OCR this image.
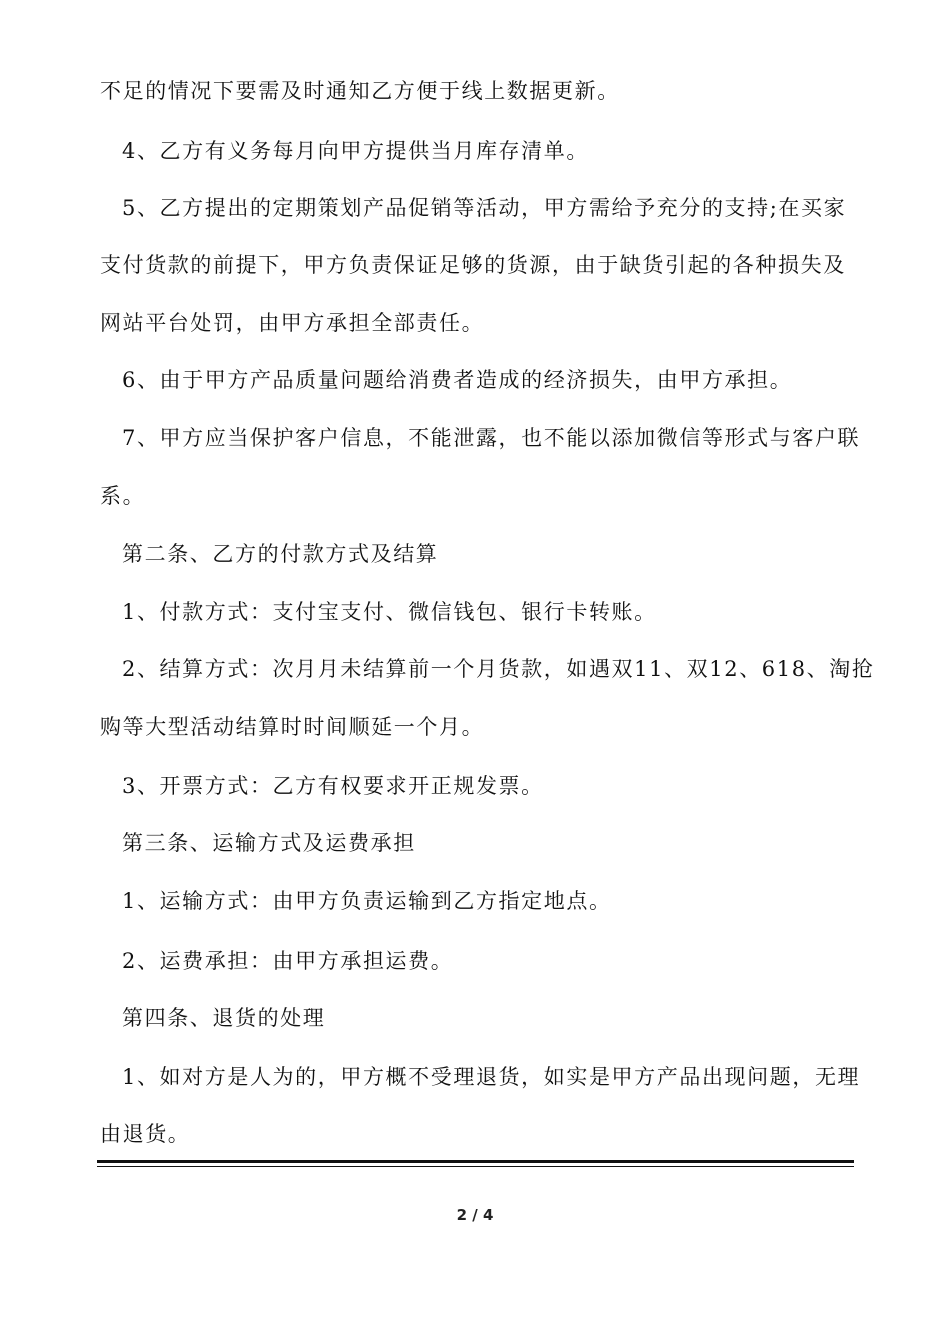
不足的情况下要需及时通知乙方便于线上数据更新。
4、乙方有义务每月向甲方提供当月库存清单。
5、乙方提出的定期策划产品促销等活动，甲方需给予充分的支持;在买家
支付货款的前提下，甲方负责保证足够的货源，由于缺货引起的各种损失及
网站平台处罚，由甲方承担全部责任。
6、由于甲方产品质量问题给消费者造成的经济损失，由甲方承担。
7、甲方应当保护客户信息，不能泄露，也不能以添加微信等形式与客户联
系。
第二条、乙方的付款方式及结算
1、付款方式：支付宝支付、微信钱包、银行卡转账。
2、结算方式：次月月未结算前一个月货款，如遇双11、双12、618、淘抢
购等大型活动结算时时间顺延一个月。
3、开票方式：乙方有权要求开正规发票。
第三条、运输方式及运费承担
1、运输方式：由甲方负责运输到乙方指定地点。
2、运费承担：由甲方承担运费。
第四条、退货的处理
1、如对方是人为的，甲方概不受理退货，如实是甲方产品出现问题，无理
由退货。
2 / 4
